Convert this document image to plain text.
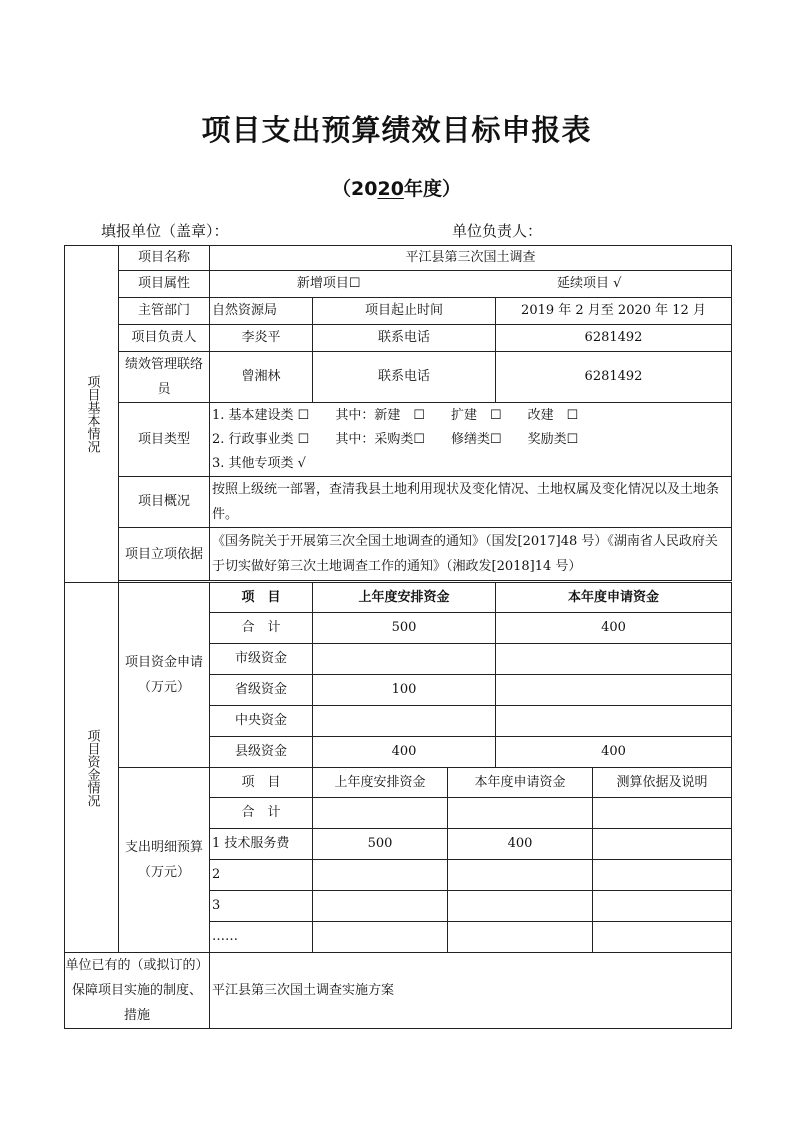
项目支出预算绩效目标申报表
（2020年度）
填报单位（盖章）：	单位负责人：
项目基本情况	项目名称	平江县第三次国土调查				
	项目属性	新增项目☐		延续项目 √		
	主管部门	自然资源局	项目起止时间		2019 年 2 月至 2020 年 12 月	
	项目负责人	李炎平	联系电话		6281492	
	绩效管理联络员	曾湘林	联系电话		6281492	
	项目类型	1. 基本建设类 ☐　　其中：新建　☐　　扩建　☐　　改建　☐
2. 行政事业类 ☐　　其中：采购类☐　　修缮类☐　　奖励类☐
3. 其他专项类 √				

	项目概况	按照上级统一部署，查清我县土地利用现状及变化情况、土地权属及变化情况以及土地条件。				
	项目立项依据	《国务院关于开展第三次全国土地调查的通知》（国发[2017]48 号）《湖南省人民政府关于切实做好第三次土地调查工作的通知》（湘政发[2018]14 号）				

项目资金情况	项目资金申请
（万元）	项　目	上年度安排资金		本年度申请资金	
		合　计	500		400	
		市级资金				
		省级资金	100			
		中央资金				
		县级资金	400		400	

	支出明细预算
（万元）	项　目	上年度安排资金	本年度申请资金		测算依据及说明
		合　计				
		1 技术服务费	500	400		
		2				
		3				
		……				

单位已有的（或拟订的）
保障项目实施的制度、
措施		平江县第三次国土调查实施方案				
